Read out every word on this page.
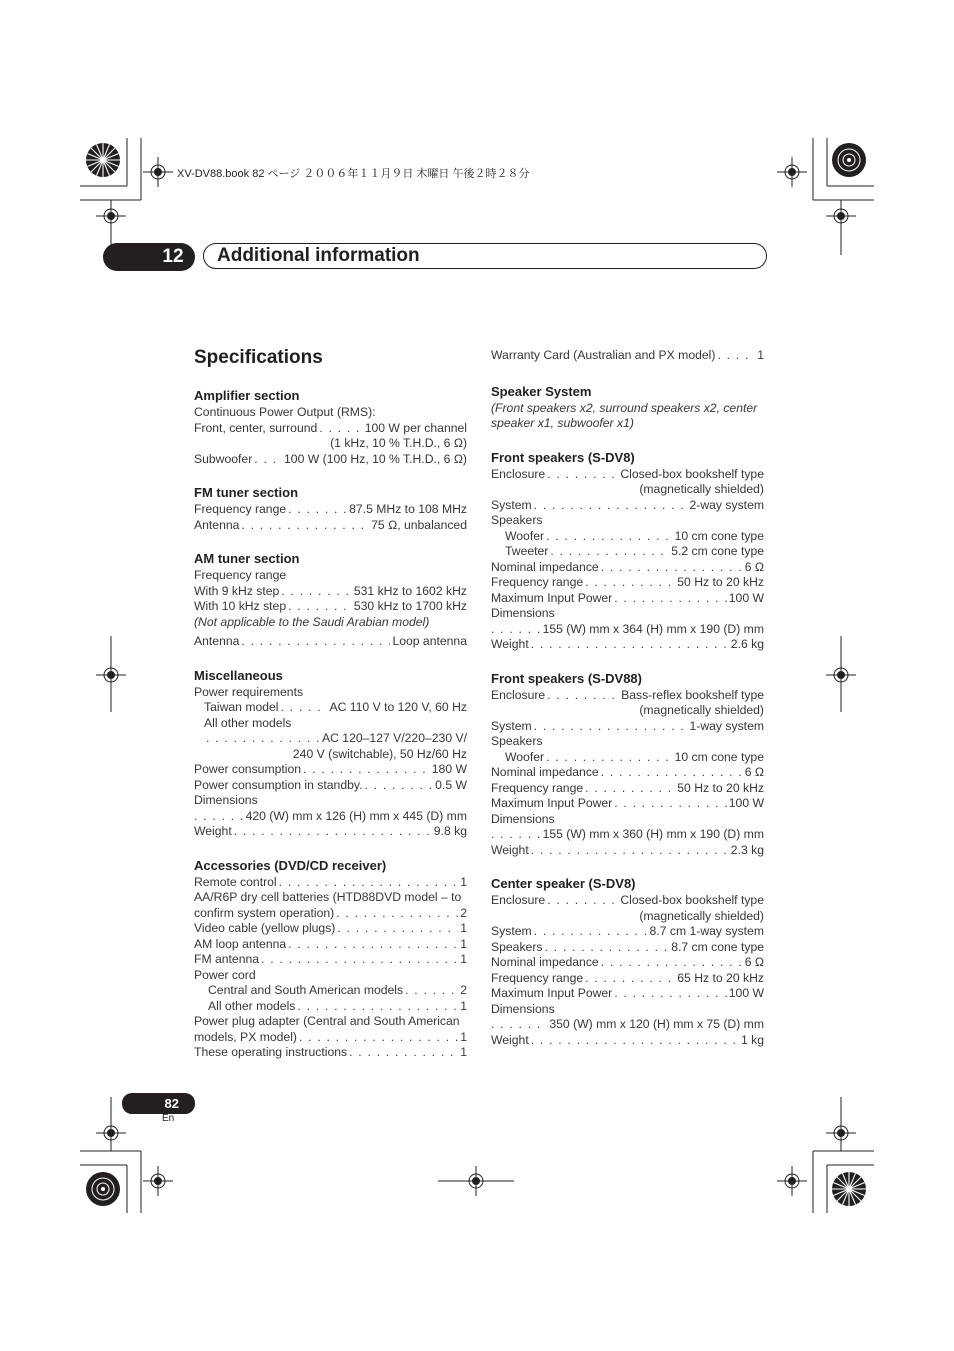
XV-DV88.book 82 ページ ２００６年１１月９日 木曜日 午後２時２８分
12	Additional information
Specifications
Amplifier section
Continuous Power Output (RMS):
Front, center, surround . . .	100 W per channel
(1 kHz, 10 % T.H.D., 6 Ω)
Subwoofer . . .	100 W (100 Hz, 10 % T.H.D., 6 Ω)
FM tuner section
Frequency range . . .	87.5 MHz to 108 MHz
Antenna . . .	75 Ω, unbalanced
AM tuner section
Frequency range
With 9 kHz step . . .	531 kHz to 1602 kHz
With 10 kHz step . . .	530 kHz to 1700 kHz
(Not applicable to the Saudi Arabian model)
Antenna . . .	Loop antenna
Miscellaneous
Power requirements
Taiwan model . . .	AC 110 V to 120 V, 60 Hz
All other models
. . .
AC 120–127 V/220–230 V/
240 V (switchable), 50 Hz/60 Hz
Power consumption . . .	180 W
Power consumption in standby. . . .	0.5 W
Dimensions
. . .
420 (W) mm x 126 (H) mm x 445 (D) mm
Weight . . .	9.8 kg
Accessories (DVD/CD receiver)
Remote control . . .	1
AA/R6P dry cell batteries (HTD88DVD model – to
confirm system operation) . . .	2
Video cable (yellow plugs) . . .	1
AM loop antenna . . .	1
FM antenna . . .	1
Power cord
Central and South American models . . .	2
All other models . . .	1
Power plug adapter (Central and South American
models, PX model) . . .	1
These operating instructions . . .	1
Warranty Card (Australian and PX model) . . .	1
Speaker System
(Front speakers x2, surround speakers x2, center speaker x1, subwoofer x1)
Front speakers (S-DV8)
Enclosure . . .	Closed-box bookshelf type
(magnetically shielded)
System . . .	2-way system
Speakers
Woofer . . .	10 cm cone type
Tweeter . . .	5.2 cm cone type
Nominal impedance . . .	6 Ω
Frequency range . . .	50 Hz to 20 kHz
Maximum Input Power . . .	100 W
Dimensions
. . .
155 (W) mm x 364 (H) mm x 190 (D) mm
Weight . . .	2.6 kg
Front speakers (S-DV88)
Enclosure . . .	Bass-reflex bookshelf type
(magnetically shielded)
System . . .	1-way system
Speakers
Woofer . . .	10 cm cone type
Nominal impedance . . .	6 Ω
Frequency range . . .	50 Hz to 20 kHz
Maximum Input Power . . .	100 W
Dimensions
. . .
155 (W) mm x 360 (H) mm x 190 (D) mm
Weight . . .	2.3 kg
Center speaker (S-DV8)
Enclosure . . .	Closed-box bookshelf type
(magnetically shielded)
System . . .	8.7 cm 1-way system
Speakers . . .	8.7 cm cone type
Nominal impedance . . .	6 Ω
Frequency range . . .	65 Hz to 20 kHz
Maximum Input Power . . .	100 W
Dimensions
. . .
350 (W) mm x 120 (H) mm x 75 (D) mm
Weight . . .	1 kg
82
En
